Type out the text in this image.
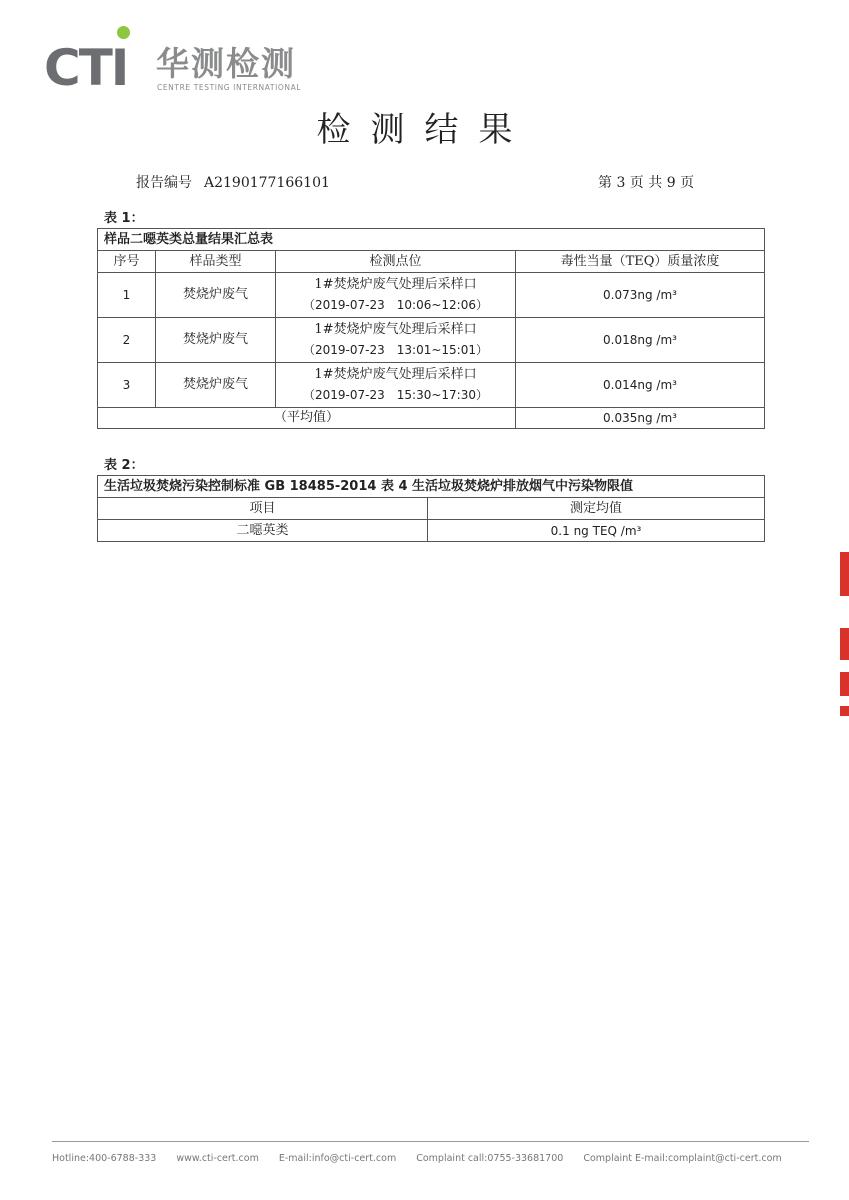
CTI 华测检测
CENTRE TESTING INTERNATIONAL
检测结果
报告编号 A2190177166101	第 3 页 共 9 页
表 1：
样品二噁英类总量结果汇总表			
序号	样品类型	检测点位	毒性当量（TEQ）质量浓度
1	焚烧炉废气	1#焚烧炉废气处理后采样口
（2019-07-23　10:06~12:06）	0.073ng /m³
2	焚烧炉废气	1#焚烧炉废气处理后采样口
（2019-07-23　13:01~15:01）	0.018ng /m³
3	焚烧炉废气	1#焚烧炉废气处理后采样口
（2019-07-23　15:30~17:30）	0.014ng /m³
（平均值）			0.035ng /m³
表 2：
生活垃圾焚烧污染控制标准 GB 18485-2014 表 4 生活垃圾焚烧炉排放烟气中污染物限值	
项目	测定均值
二噁英类	0.1 ng TEQ /m³
Hotline:400-6788-333 www.cti-cert.com E-mail:info@cti-cert.com Complaint call:0755-33681700 Complaint E-mail:complaint@cti-cert.com
